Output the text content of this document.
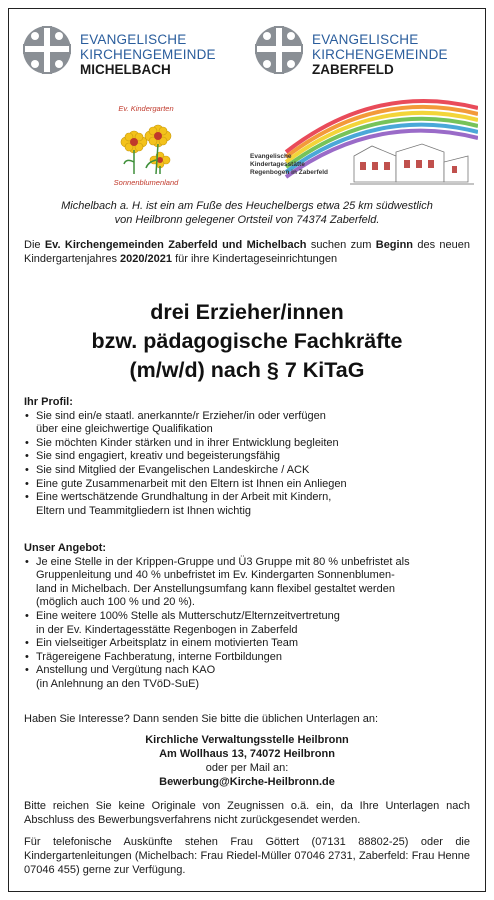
EVANGELISCHE
KIRCHENGEMEINDE
MICHELBACH
EVANGELISCHE
KIRCHENGEMEINDE
ZABERFELD
Ev. Kindergarten
Sonnenblumenland
Evangelische
Kindertagesstätte
Regenbogen in Zaberfeld
Michelbach a. H. ist ein am Fuße des Heuchelbergs etwa 25 km südwestlich
von Heilbronn gelegener Ortsteil von 74374 Zaberfeld.
Die Ev. Kirchengemeinden Zaberfeld und Michelbach suchen zum Beginn des neuen Kindergartenjahres 2020/2021 für ihre Kindertageseinrichtungen
drei Erzieher/innen
bzw. pädagogische Fachkräfte
(m/w/d) nach § 7 KiTaG
Ihr Profil:
• Sie sind ein/e staatl. anerkannte/r Erzieher/in oder verfügen
über eine gleichwertige Qualifikation
• Sie möchten Kinder stärken und in ihrer Entwicklung begleiten
• Sie sind engagiert, kreativ und begeisterungsfähig
• Sie sind Mitglied der Evangelischen Landeskirche / ACK
• Eine gute Zusammenarbeit mit den Eltern ist Ihnen ein Anliegen
• Eine wertschätzende Grundhaltung in der Arbeit mit Kindern,
Eltern und Teammitgliedern ist Ihnen wichtig
Unser Angebot:
• Je eine Stelle in der Krippen-Gruppe und Ü3 Gruppe mit 80 % unbefristet als
Gruppenleitung und 40 % unbefristet im Ev. Kindergarten Sonnenblumen-
land in Michelbach. Der Anstellungsumfang kann flexibel gestaltet werden
(möglich auch 100 % und 20 %).
• Eine weitere 100% Stelle als Mutterschutz/Elternzeitvertretung
in der Ev. Kindertagesstätte Regenbogen in Zaberfeld
• Ein vielseitiger Arbeitsplatz in einem motivierten Team
• Trägereigene Fachberatung, interne Fortbildungen
• Anstellung und Vergütung nach KAO
(in Anlehnung an den TVöD-SuE)
Haben Sie Interesse? Dann senden Sie bitte die üblichen Unterlagen an:
Kirchliche Verwaltungsstelle Heilbronn
Am Wollhaus 13, 74072 Heilbronn
oder per Mail an:
Bewerbung@Kirche-Heilbronn.de
Bitte reichen Sie keine Originale von Zeugnissen o.ä. ein, da Ihre Unterlagen nach Abschluss des Bewerbungsverfahrens nicht zurückgesendet werden.
Für telefonische Auskünfte stehen Frau Göttert (07131 88802-25) oder die Kindergartenleitungen (Michelbach: Frau Riedel-Müller 07046 2731, Zaberfeld: Frau Henne 07046 455) gerne zur Verfügung.
